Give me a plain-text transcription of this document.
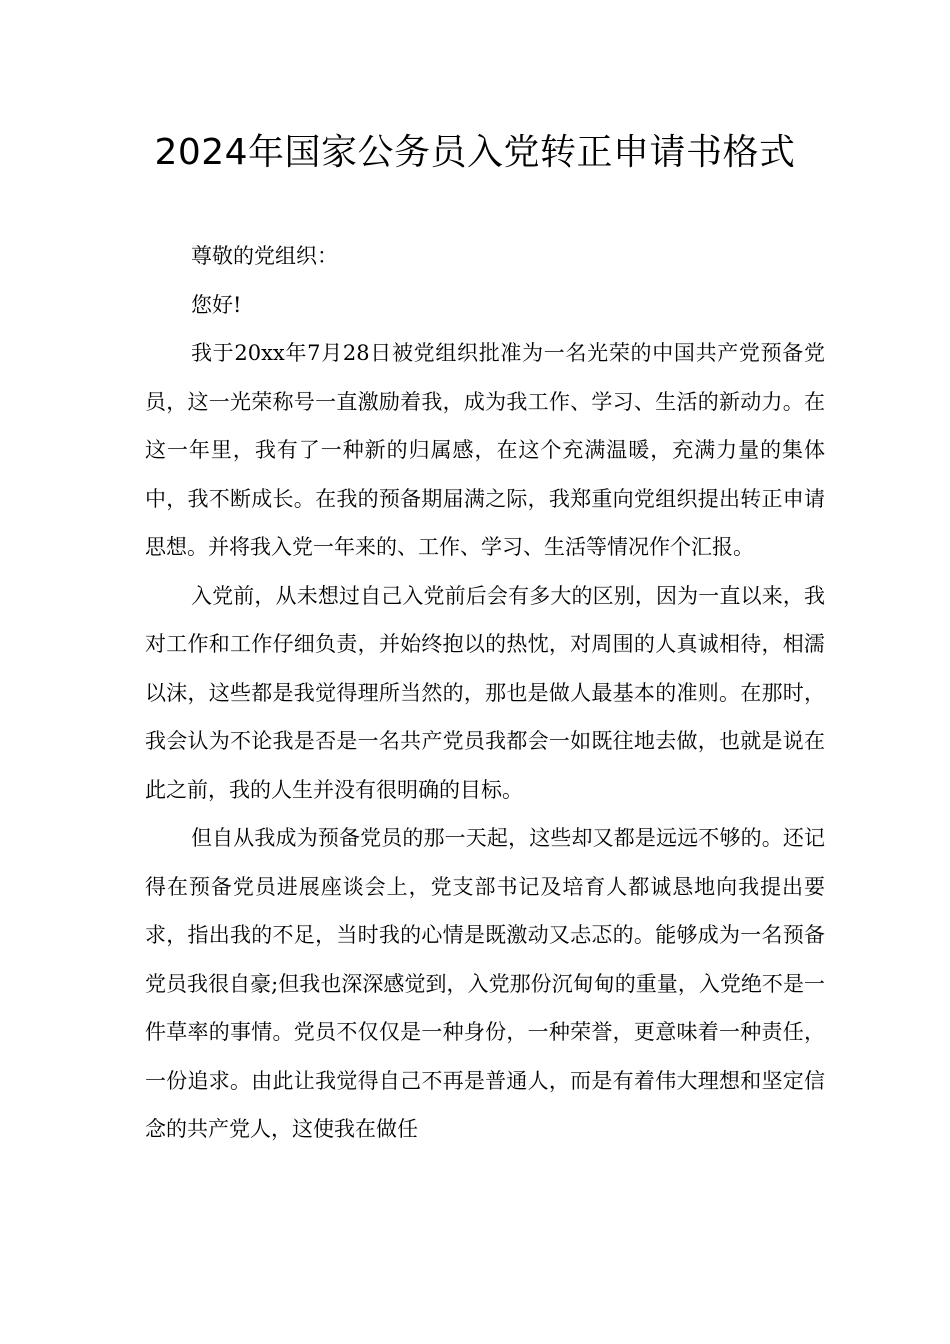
2024年国家公务员入党转正申请书格式

尊敬的党组织：

您好!

我于20xx年7月28日被党组织批准为一名光荣的中国共产党预备党员，这一光荣称号一直激励着我，成为我工作、学习、生活的新动力。在这一年里，我有了一种新的归属感，在这个充满温暖，充满力量的集体中，我不断成长。在我的预备期届满之际，我郑重向党组织提出转正申请思想。并将我入党一年来的、工作、学习、生活等情况作个汇报。

入党前，从未想过自己入党前后会有多大的区别，因为一直以来，我对工作和工作仔细负责，并始终抱以的热忱，对周围的人真诚相待，相濡以沫，这些都是我觉得理所当然的，那也是做人最基本的准则。在那时，我会认为不论我是否是一名共产党员我都会一如既往地去做，也就是说在此之前，我的人生并没有很明确的目标。

但自从我成为预备党员的那一天起，这些却又都是远远不够的。还记得在预备党员进展座谈会上，党支部书记及培育人都诚恳地向我提出要求，指出我的不足，当时我的心情是既激动又忐忑的。能够成为一名预备党员我很自豪;但我也深深感觉到，入党那份沉甸甸的重量，入党绝不是一件草率的事情。党员不仅仅是一种身份，一种荣誉，更意味着一种责任，一份追求。由此让我觉得自己不再是普通人，而是有着伟大理想和坚定信念的共产党人，这使我在做任
